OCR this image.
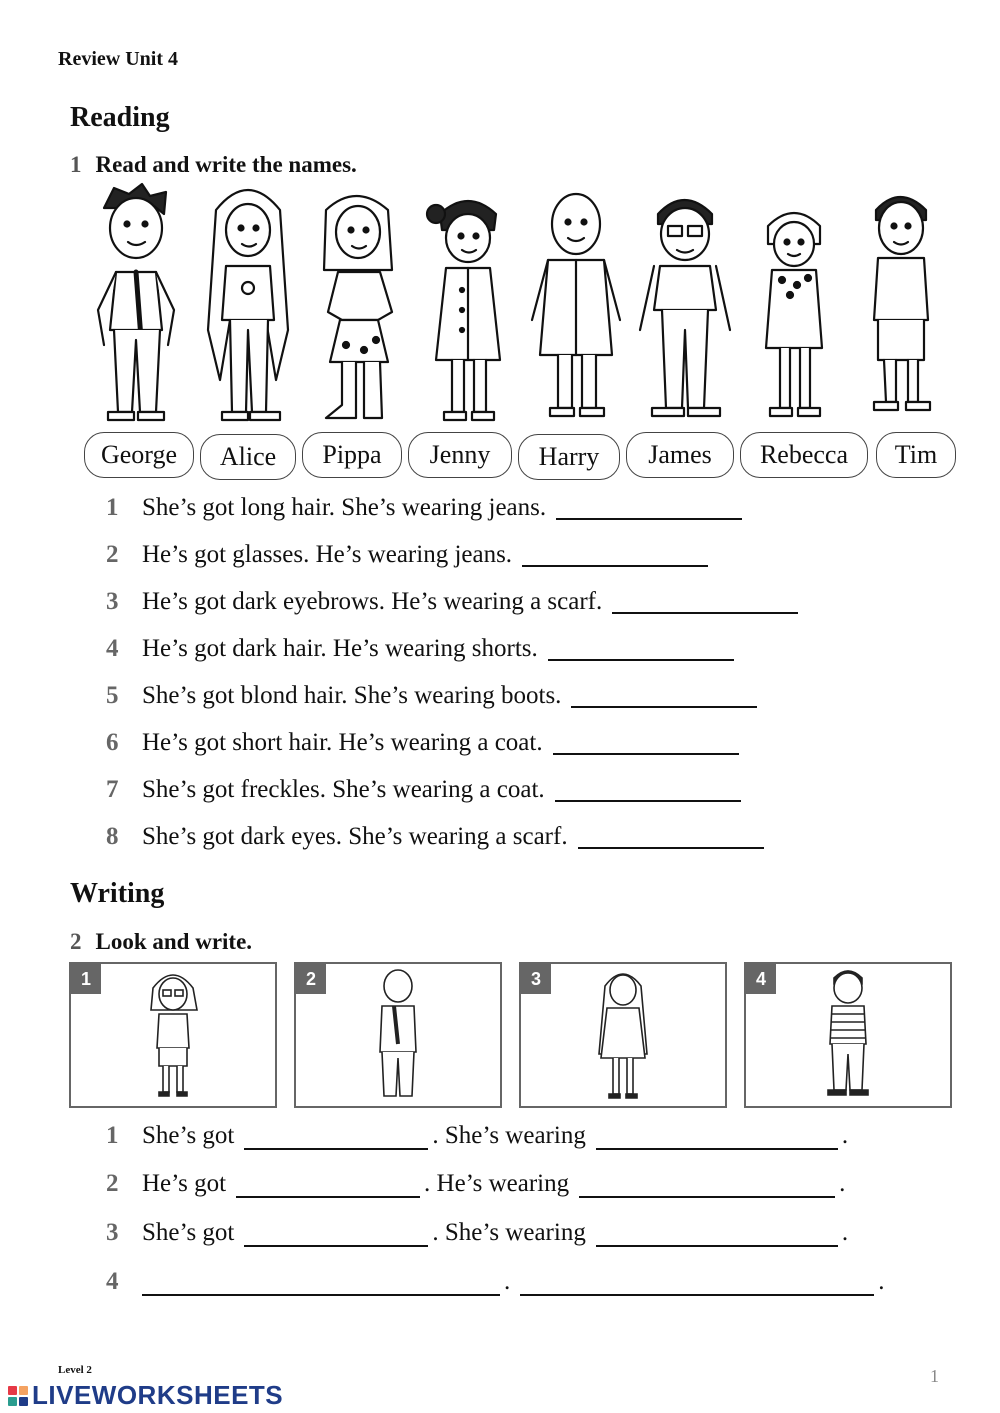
Review Unit 4
Reading
1 Read and write the names.
George	Alice	Pippa	Jenny	Harry	James	Rebecca	Tim
1 She’s got long hair. She’s wearing jeans.
2 He’s got glasses. He’s wearing jeans.
3 He’s got dark eyebrows. He’s wearing a scarf.
4 He’s got dark hair. He’s wearing shorts.
5 She’s got blond hair. She’s wearing boots.
6 He’s got short hair. He’s wearing a coat.
7 She’s got freckles. She’s wearing a coat.
8 She’s got dark eyes. She’s wearing a scarf.
Writing
2 Look and write.
1	2	3	4
1 She’s got	. She’s wearing	.
2 He’s got	. He’s wearing	.
3 She’s got	. She’s wearing	.
4	.	.
Level 2	1
LIVEWORKSHEETS
